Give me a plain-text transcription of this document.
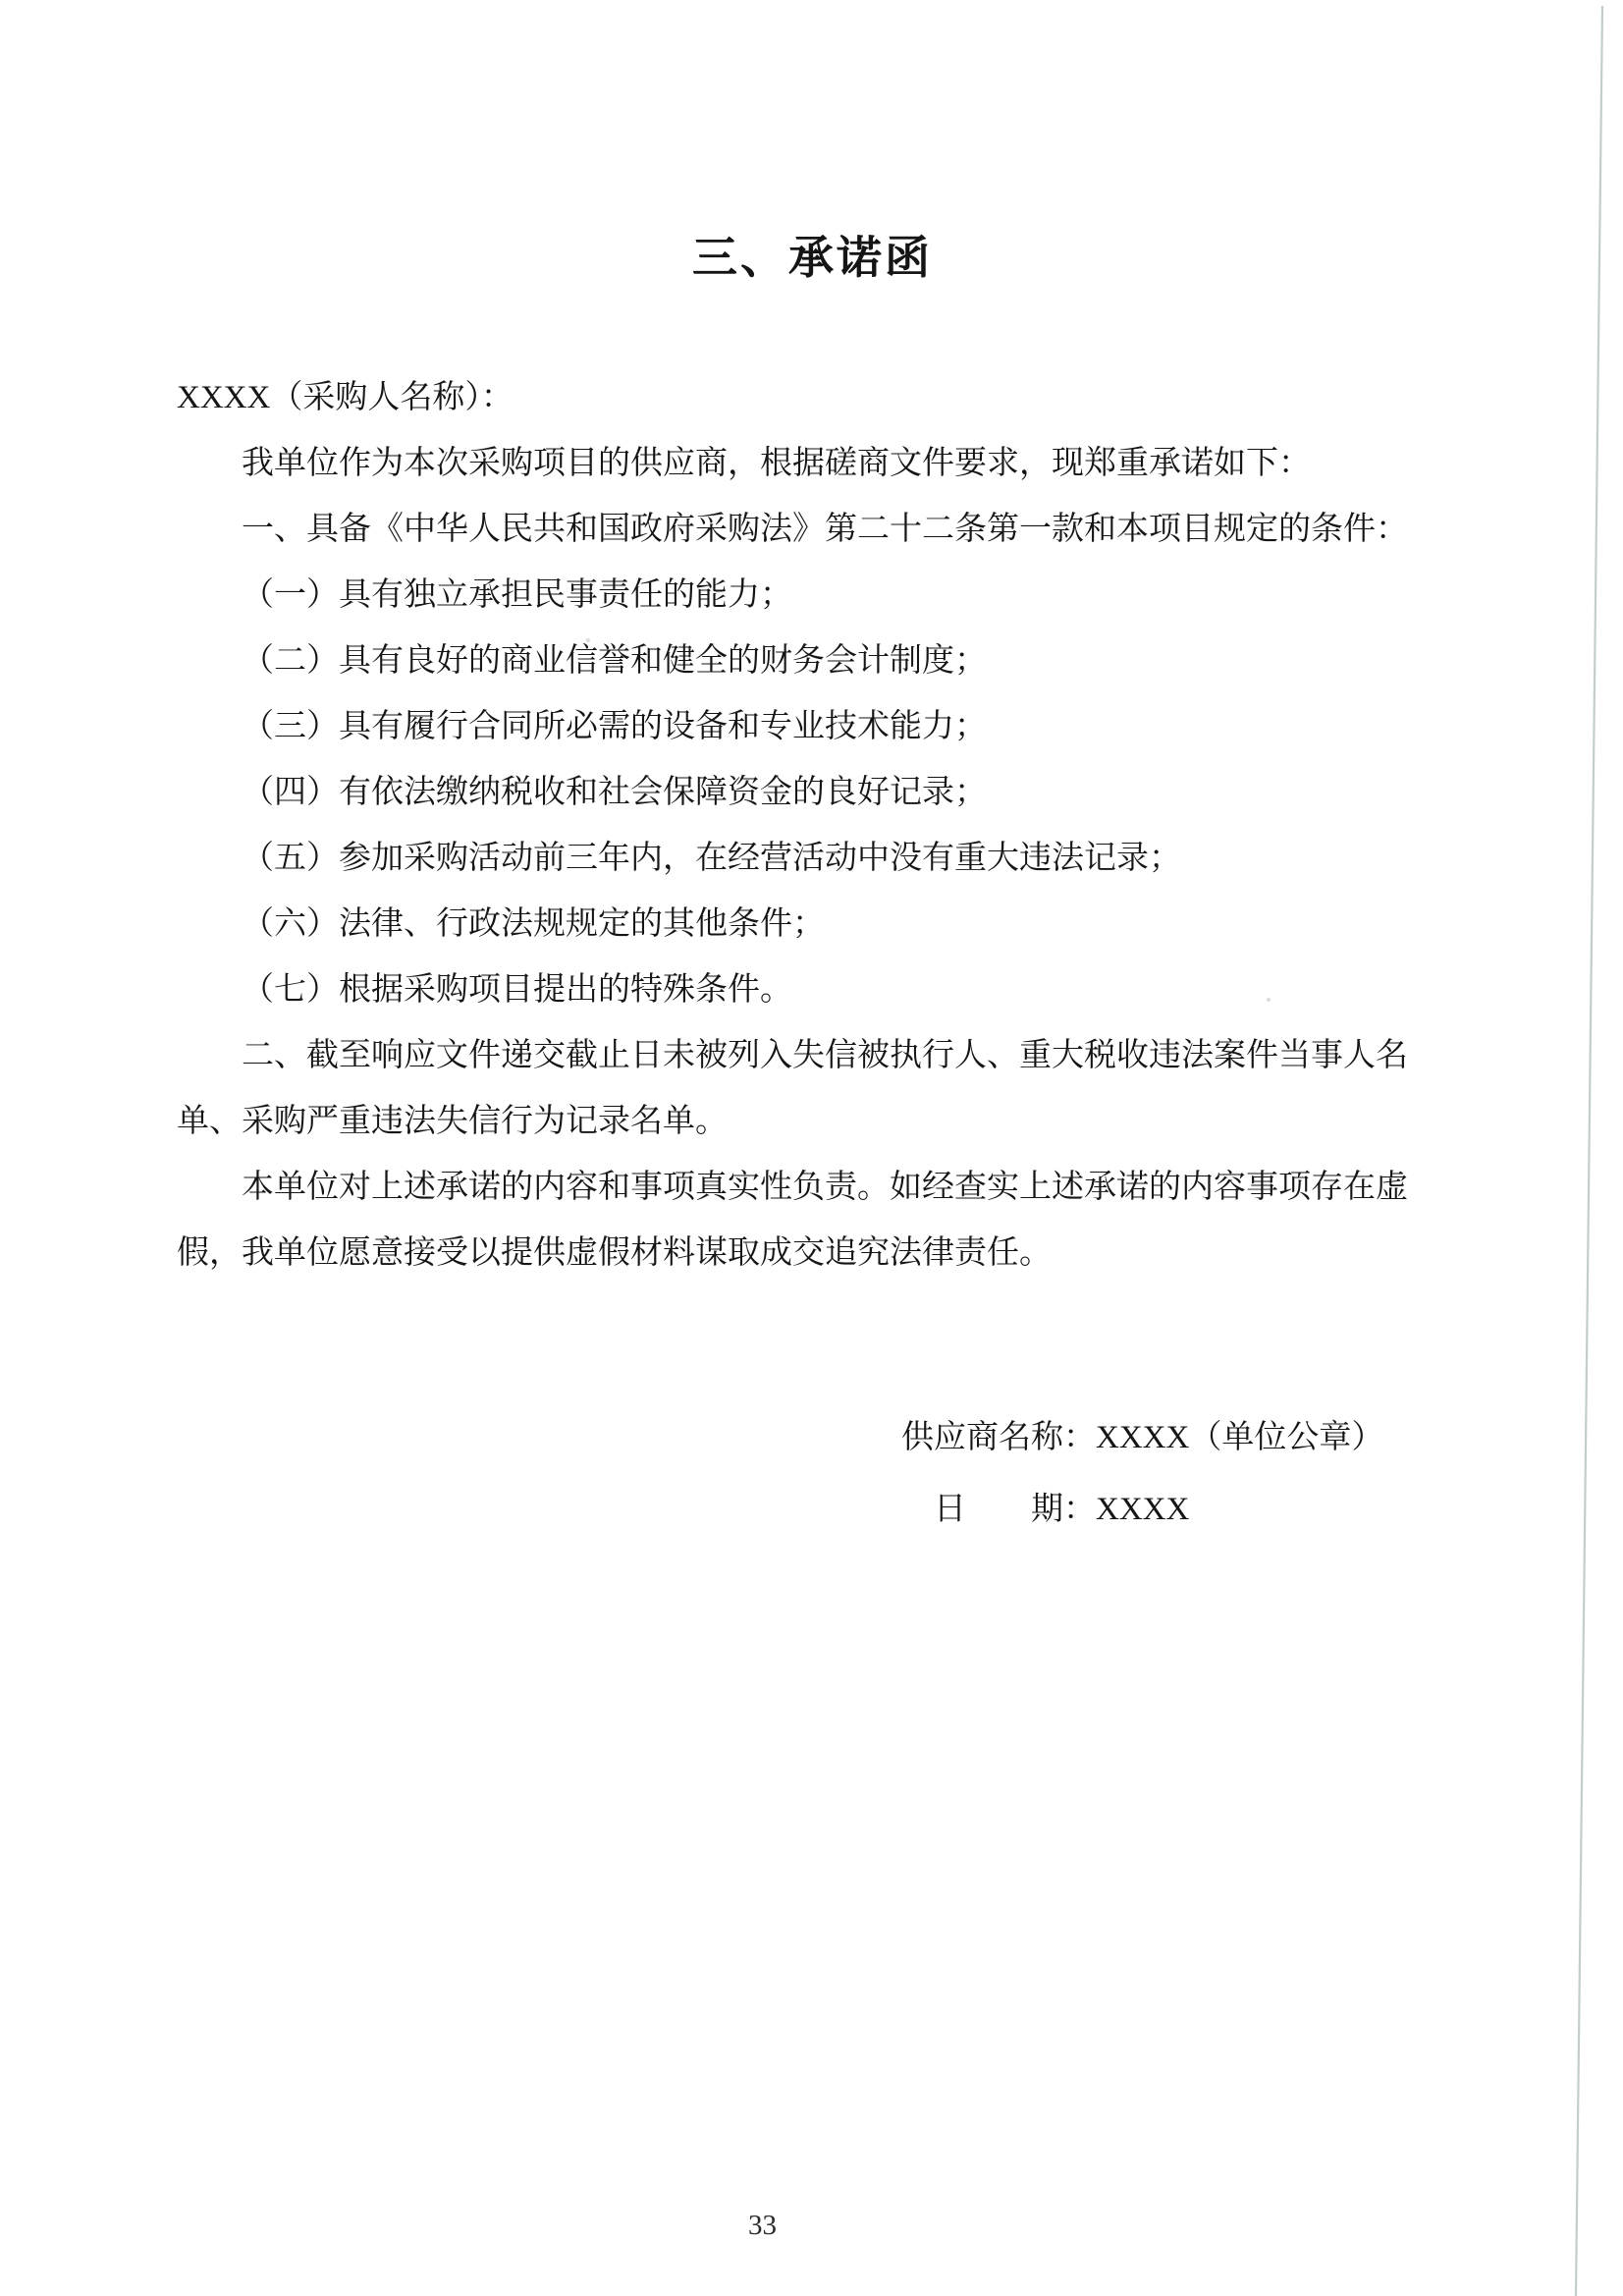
三、承诺函

XXXX（采购人名称）：

我单位作为本次采购项目的供应商，根据磋商文件要求，现郑重承诺如下：

一、具备《中华人民共和国政府采购法》第二十二条第一款和本项目规定的条件：

（一）具有独立承担民事责任的能力；

（二）具有良好的商业信誉和健全的财务会计制度；

（三）具有履行合同所必需的设备和专业技术能力；

（四）有依法缴纳税收和社会保障资金的良好记录；

（五）参加采购活动前三年内，在经营活动中没有重大违法记录；

（六）法律、行政法规规定的其他条件；

（七）根据采购项目提出的特殊条件。

二、截至响应文件递交截止日未被列入失信被执行人、重大税收违法案件当事人名

单、采购严重违法失信行为记录名单。

本单位对上述承诺的内容和事项真实性负责。如经查实上述承诺的内容事项存在虚

假，我单位愿意接受以提供虚假材料谋取成交追究法律责任。

供应商名称：XXXX（单位公章）

日　　期：XXXX

33
